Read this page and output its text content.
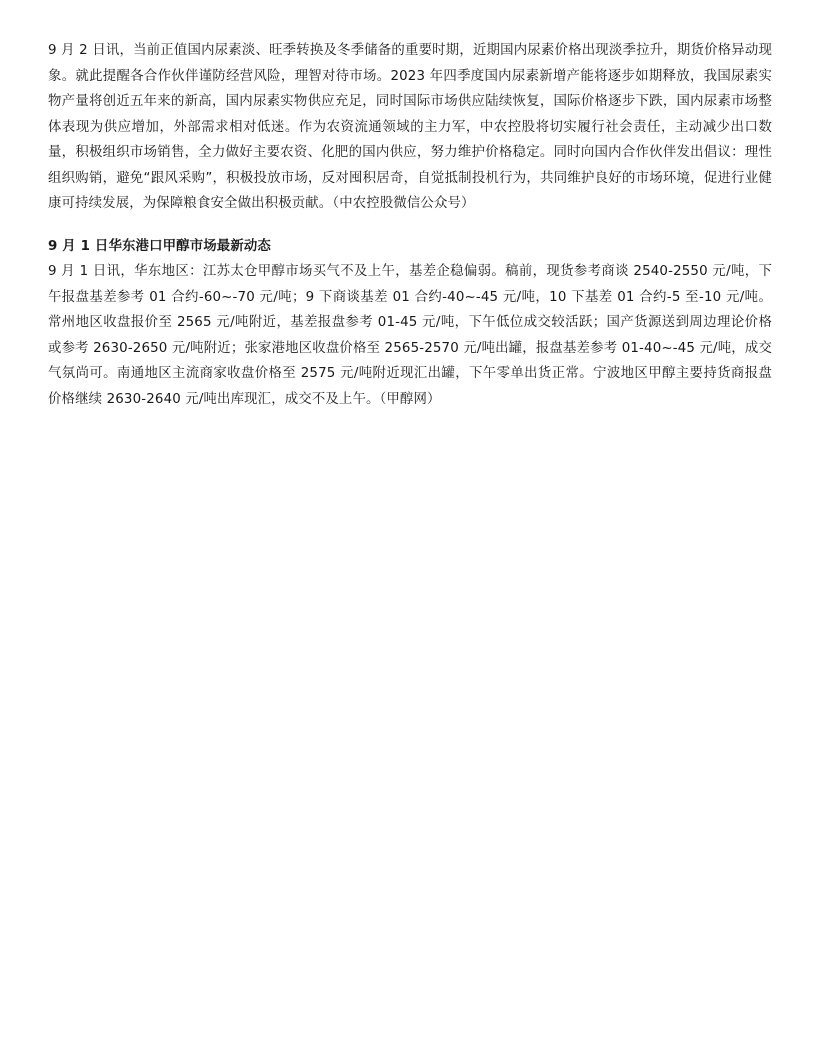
9 月 2 日讯，当前正值国内尿素淡、旺季转换及冬季储备的重要时期，近期国内尿素价格出现淡季拉升，期货价格异动现象。就此提醒各合作伙伴谨防经营风险，理智对待市场。2023 年四季度国内尿素新增产能将逐步如期释放，我国尿素实物产量将创近五年来的新高，国内尿素实物供应充足，同时国际市场供应陆续恢复，国际价格逐步下跌，国内尿素市场整体表现为供应增加，外部需求相对低迷。作为农资流通领域的主力军，中农控股将切实履行社会责任，主动减少出口数量，积极组织市场销售，全力做好主要农资、化肥的国内供应，努力维护价格稳定。同时向国内合作伙伴发出倡议：理性组织购销，避免“跟风采购”，积极投放市场，反对囤积居奇，自觉抵制投机行为，共同维护良好的市场环境，促进行业健康可持续发展，为保障粮食安全做出积极贡献。（中农控股微信公众号）

9 月 1 日华东港口甲醇市场最新动态

9 月 1 日讯，华东地区：江苏太仓甲醇市场买气不及上午，基差企稳偏弱。稿前，现货参考商谈 2540-2550 元/吨，下午报盘基差参考 01 合约-60~-70 元/吨；9 下商谈基差 01 合约-40~-45 元/吨，10 下基差 01 合约-5 至-10 元/吨。常州地区收盘报价至 2565 元/吨附近，基差报盘参考 01-45 元/吨，下午低位成交较活跃；国产货源送到周边理论价格或参考 2630-2650 元/吨附近；张家港地区收盘价格至 2565-2570 元/吨出罐，报盘基差参考 01-40~-45 元/吨，成交气氛尚可。南通地区主流商家收盘价格至 2575 元/吨附近现汇出罐，下午零单出货正常。宁波地区甲醇主要持货商报盘价格继续 2630-2640 元/吨出库现汇，成交不及上午。（甲醇网）
